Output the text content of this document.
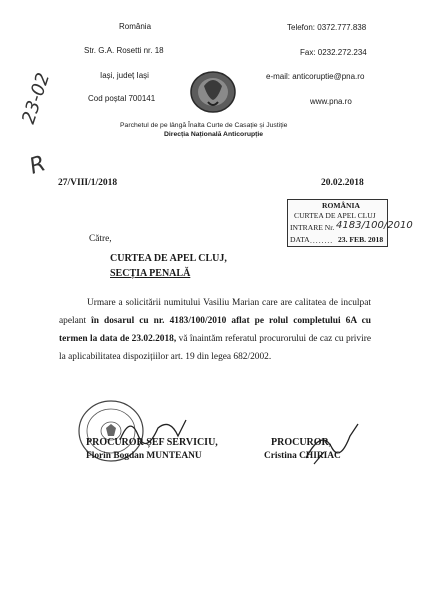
România
Str. G.A. Rosetti nr. 18
Iași, județ Iași
Cod poștal 700141
Telefon: 0372.777.838
Fax: 0232.272.234
e-mail: anticoruptie@pna.ro
www.pna.ro
Parchetul de pe lângă Înalta Curte de Casație și Justiție
Direcția Națională Anticorupție
23-02
R
27/VIII/1/2018	20.02.2018
ROMÂNIA
CURTEA DE APEL CLUJ
INTRARE Nr. 4183/100/2010
DATA ........ 23. FEB. 2018
Către,
CURTEA DE APEL CLUJ,
SECȚIA PENALĂ
Urmare a solicitării numitului Vasiliu Marian care are calitatea de inculpat apelant în dosarul cu nr. 4183/100/2010 aflat pe rolul completului 6A cu termen la data de 23.02.2018, vă înaintăm referatul procurorului de caz cu privire la aplicabilitatea dispozițiilor art. 19 din legea 682/2002.
PROCUROR ȘEF SERVICIU,
Florin Bogdan MUNTEANU
PROCUROR,
Cristina CHIRIAC
